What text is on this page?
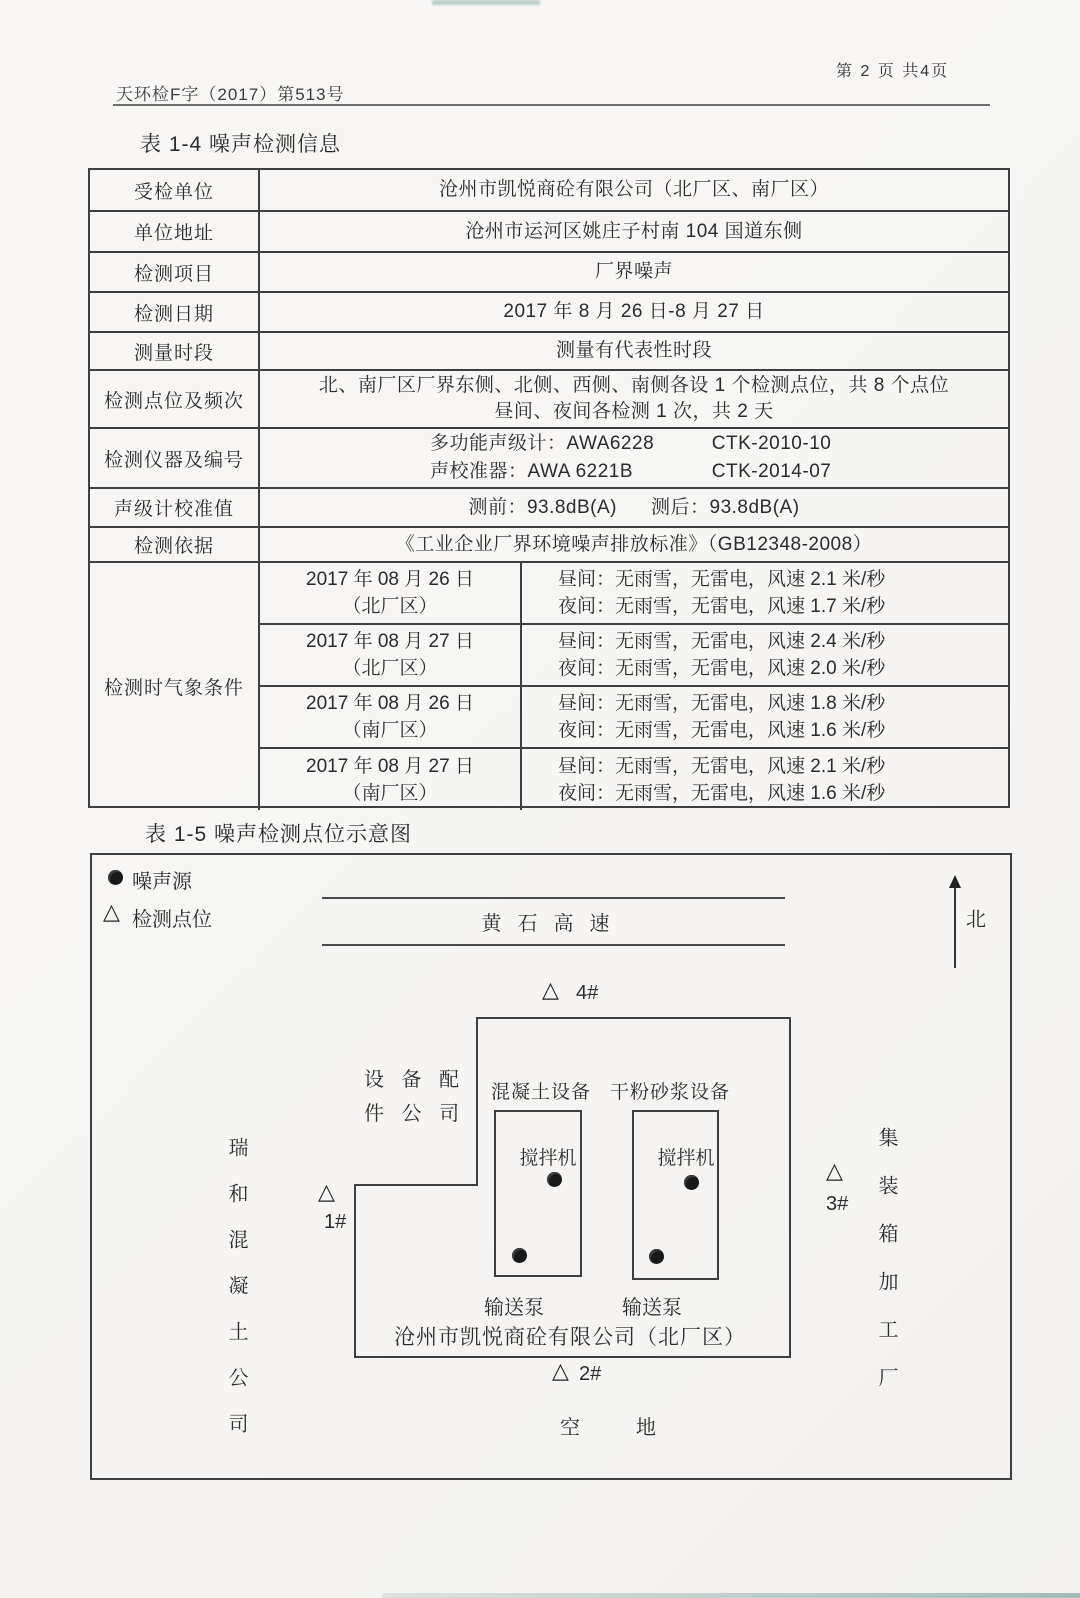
第 2 页 共4页
天环检F字（2017）第513号
表 1-4 噪声检测信息
受检单位	沧州市凯悦商砼有限公司（北厂区、南厂区）
单位地址	沧州市运河区姚庄子村南 104 国道东侧
检测项目	厂界噪声
检测日期	2017 年 8 月 26 日-8 月 27 日
测量时段	测量有代表性时段
检测点位及频次
北、南厂区厂界东侧、北侧、西侧、南侧各设 1 个检测点位，共 8 个点位
昼间、夜间各检测 1 次，共 2 天
检测仪器及编号
多功能声级计：AWA6228	CTK-2010-10
声校准器：AWA 6221B	CTK-2014-07
声级计校准值	测前：93.8dB(A) 测后：93.8dB(A)
检测依据	《工业企业厂界环境噪声排放标准》（GB12348-2008）
检测时气象条件
2017 年 08 月 26 日
（北厂区）
昼间：无雨雪，无雷电，风速 2.1 米/秒
夜间：无雨雪，无雷电，风速 1.7 米/秒
2017 年 08 月 27 日
（北厂区）
昼间：无雨雪，无雷电，风速 2.4 米/秒
夜间：无雨雪，无雷电，风速 2.0 米/秒
2017 年 08 月 26 日
（南厂区）
昼间：无雨雪，无雷电，风速 1.8 米/秒
夜间：无雨雪，无雷电，风速 1.6 米/秒
2017 年 08 月 27 日
（南厂区）
昼间：无雨雪，无雷电，风速 2.1 米/秒
夜间：无雨雪，无雷电，风速 1.6 米/秒
表 1-5 噪声检测点位示意图
噪声源
△ 检测点位	黄石高速	北
△ 4#
设 备 配
件 公 司
混凝土设备 干粉砂浆设备
搅拌机	搅拌机
输送泵	输送泵
沧州市凯悦商砼有限公司（北厂区）
△ 2#
空　地
瑞和混凝土公司	△
1#
△
3# 集装箱加工厂
